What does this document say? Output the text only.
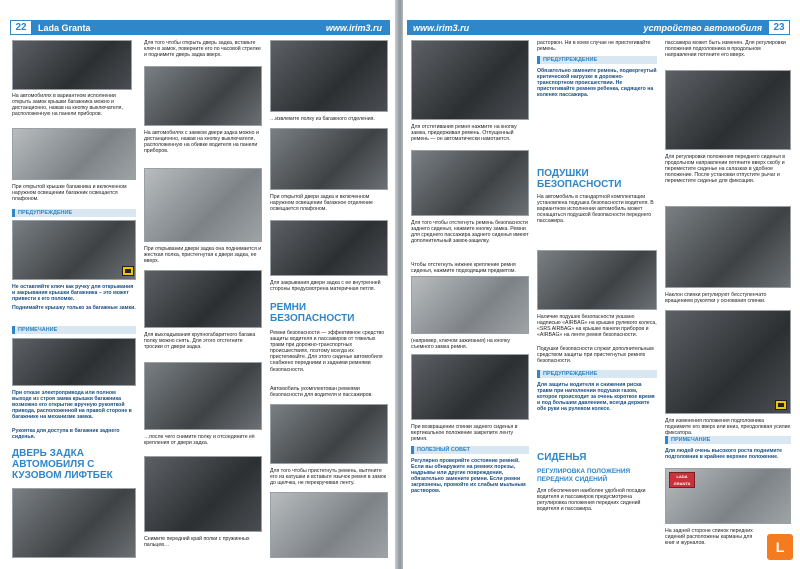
22	Lada Granta	www.irim3.ru
На автомобилях в вариантном исполнении открыть замок крышки багажника можно и дистанционно, нажав на кнопку выключателя, расположенную на панели приборов.
При открытой крышке багажника и включенном наружном освещении багажник освещается плафоном.
ПРЕДУПРЕЖДЕНИЕ
Не оставляйте ключ как ручку для открывания и закрывания крышки багажника – это может привести к его поломке.
Поднимайте крышку только за багажные замки.
ПРИМЕЧАНИЕ
При отказе электропривода или полном выходе из строя замка крышки багажника возможно его открытие вручную рукояткой привода, расположенной на правой стороне в багажнике на механизме замка.
Рукоятка для доступа в багажник заднего сиденья.
ДВЕРЬ ЗАДКА АВТОМОБИЛЯ С КУЗОВОМ ЛИФТБЕК
Для того чтобы открыть дверь задка, вставьте ключ в замок, поверните его по часовой стрелке и поднимите дверь задка вверх.
На автомобилях с замком двери задка можно и дистанционно, нажав на кнопку выключателя, расположенную на обивке водителя на панели приборов.
При открывании двери задка она поднимается и жесткая полка, пристегнутая к двери задка, ее вверх.
Для выкладывания крупногабаритного багажа полку можно снять. Для этого отстегните тросики от двери задка.
…после чего снимите полку и отсоедините её крепления от двери задка.
Снимите передний край полки с пружинных пальцев…
…извлеките полку из багажного отделения.
При открытой двери задка и включенном наружном освещении багажное отделение освещается плафоном.
Для закрывания двери задка с ее внутренней стороны предусмотрена материчная петля.
РЕМНИ БЕЗОПАСНОСТИ
Ремни безопасности — эффективное средство защиты водителя и пассажиров от тяжелых травм при дорожно-транспортных происшествиях, поэтому всегда их пристегивайте. Для этого сиденье автомобиля снабжено передними и задними ремнями безопасности.
Автомобиль укомплектован ремнями безопасности для водителя и пассажиров.
Для того чтобы пристегнуть ремень, вытяните его из катушки и вставьте язычок ремня в замок до щелчка, не перекручивая ленту.
www.irim3.ru	устройство автомобиля	23
Для отстегивания ремня нажмите на кнопку замка, придерживая ремень. Отпущенный ремень — он автоматически намотается.
Для того чтобы отстегнуть ремень безопасности заднего сиденья, нажмите кнопку замка. Ремни для среднего пассажира заднего сиденья имеют дополнительный замок-защелку.
Чтобы отстегнуть нижнее крепление ремня сиденья, нажмите подходящим предметом.
(например, ключом зажигания) на кнопку съемного замка ремня.
При возвращении спинки заднего сиденья в вертикальное положение закрепите ленту ремня.
ПОЛЕЗНЫЙ СОВЕТ
Регулярно проверяйте состояние ремней. Если вы обнаружите на ремнях порезы, надрывы или другие повреждения, обязательно замените ремни. Если ремни загрязнены, промойте их слабым мыльным раствором.
расторвон. Ни в коем случае не пристегивайте ремень.
ПРЕДУПРЕЖДЕНИЕ
Обязательно замените ремень, подвергнутый критической нагрузке в дорожно-транспортном происшествии. Не пристегивайте ремнем ребенка, сидящего на коленях пассажира.
ПОДУШКИ БЕЗОПАСНОСТИ
На автомобиль в стандартной комплектации установлена подушка безопасности водителя. В вариантном исполнении автомобиль может оснащаться подушкой безопасности переднего пассажира.
Наличие подушек безопасности указано надписью «AIRBAG» на крышке рулевого колеса, «SRS AIRBAG» на крышке панели приборов и «AIRBAG» на ленте ремня безопасности.
Подушки безопасности служат дополнительным средством защиты при пристегнутых ремнях безопасности.
ПРЕДУПРЕЖДЕНИЕ
Для защиты водителя и снижения риска травм при наполнении подушки газом, которое происходит за очень короткое время и под большим давлением, всегда держите обе руки на рулевом колесе.
СИДЕНЬЯ
РЕГУЛИРОВКА ПОЛОЖЕНИЯ ПЕРЕДНИХ СИДЕНИЙ
Для обеспечения наиболее удобной посадки водителя и пассажиров предусмотрена регулировка положения передних сидений водителя и пассажира.
пассажира может быть изменен. Для регулировки положения подголовника в продольном направлении потяните его вверх.
Для регулировки положения переднего сиденья в продольном направлении потяните вверх скобу и переместите сиденье на салазках в удобное положение. После установки отпустите рычаг и переместите сиденье для фиксации.
Наклон спинки регулируют бесступенчато вращением рукоятки у основания спинки.
Для изменения положения подголовника поднимите его вверх или вниз, преодолевая усилие фиксатора.
ПРИМЕЧАНИЕ
Для людей очень высокого роста поднимите подголовник в крайнее верхнее положение.
LADA GRANTA
На задней стороне спинок передних сидений расположены карманы для книг и журналов.	L
